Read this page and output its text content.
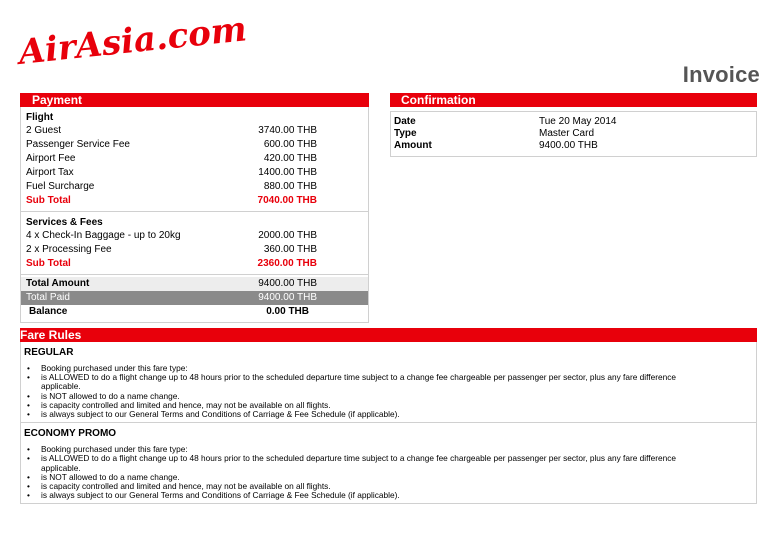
AirAsia.com
Invoice
Payment
Flight
2 Guest	3740.00 THB
Passenger Service Fee	600.00 THB
Airport Fee	420.00 THB
Airport Tax	1400.00 THB
Fuel Surcharge	880.00 THB
Sub Total	7040.00 THB
Services & Fees
4 x Check-In Baggage - up to 20kg	2000.00 THB
2 x Processing Fee	360.00 THB
Sub Total	2360.00 THB
Total Amount	9400.00 THB
Total Paid	9400.00 THB
Balance	0.00 THB
Confirmation
Date	Tue 20 May 2014
Type	Master Card
Amount	9400.00 THB
Fare Rules
REGULAR
• Booking purchased under this fare type:
• is ALLOWED to do a flight change up to 48 hours prior to the scheduled departure time subject to a change fee chargeable per passenger per sector, plus any fare difference applicable.
• is NOT allowed to do a name change.
• is capacity controlled and limited and hence, may not be available on all flights.
• is always subject to our General Terms and Conditions of Carriage & Fee Schedule (if applicable).
ECONOMY PROMO
• Booking purchased under this fare type:
• is ALLOWED to do a flight change up to 48 hours prior to the scheduled departure time subject to a change fee chargeable per passenger per sector, plus any fare difference applicable.
• is NOT allowed to do a name change.
• is capacity controlled and limited and hence, may not be available on all flights.
• is always subject to our General Terms and Conditions of Carriage & Fee Schedule (if applicable).
